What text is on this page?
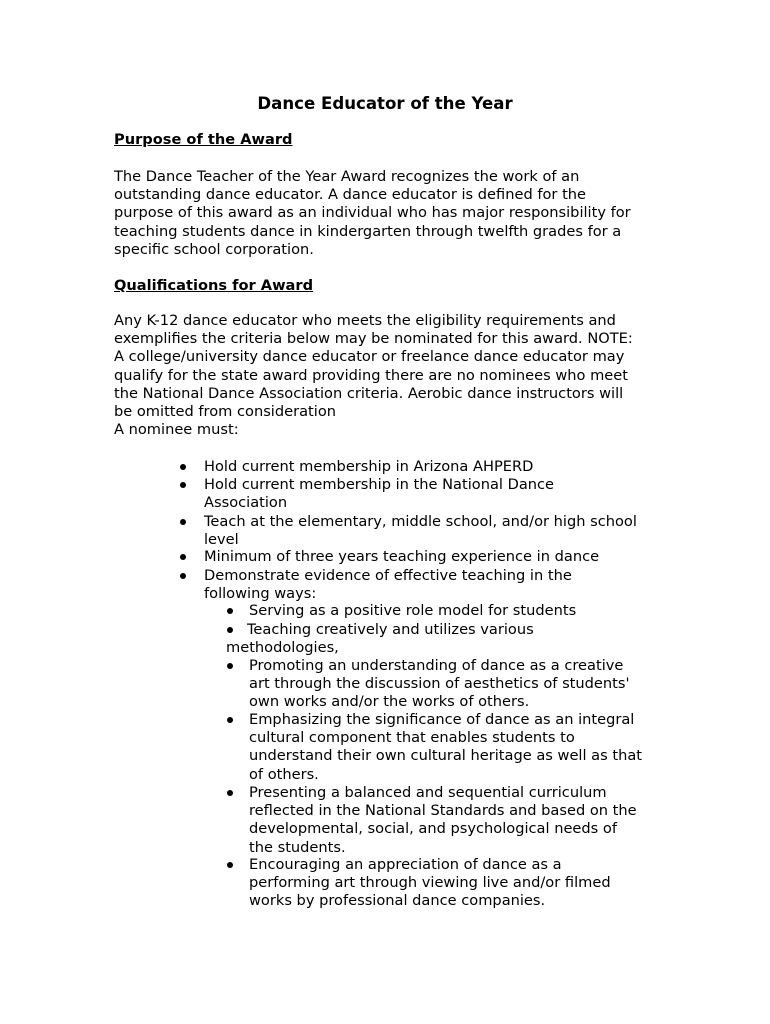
Dance Educator of the Year
Purpose of the Award
The Dance Teacher of the Year Award recognizes the work of an
outstanding dance educator. A dance educator is defined for the
purpose of this award as an individual who has major responsibility for
teaching students dance in kindergarten through twelfth grades for a
specific school corporation.
Qualifications for Award
Any K-12 dance educator who meets the eligibility requirements and
exemplifies the criteria below may be nominated for this award. NOTE:
A college/university dance educator or freelance dance educator may
qualify for the state award providing there are no nominees who meet
the National Dance Association criteria. Aerobic dance instructors will
be omitted from consideration
A nominee must:
Hold current membership in Arizona AHPERD
Hold current membership in the National Dance
Association
Teach at the elementary, middle school, and/or high school
level
Minimum of three years teaching experience in dance
Demonstrate evidence of effective teaching in the
following ways:
Serving as a positive role model for students
Teaching creatively and utilizes various
methodologies,
Promoting an understanding of dance as a creative
art through the discussion of aesthetics of students'
own works and/or the works of others.
Emphasizing the significance of dance as an integral
cultural component that enables students to
understand their own cultural heritage as well as that
of others.
Presenting a balanced and sequential curriculum
reflected in the National Standards and based on the
developmental, social, and psychological needs of
the students.
Encouraging an appreciation of dance as a
performing art through viewing live and/or filmed
works by professional dance companies.
